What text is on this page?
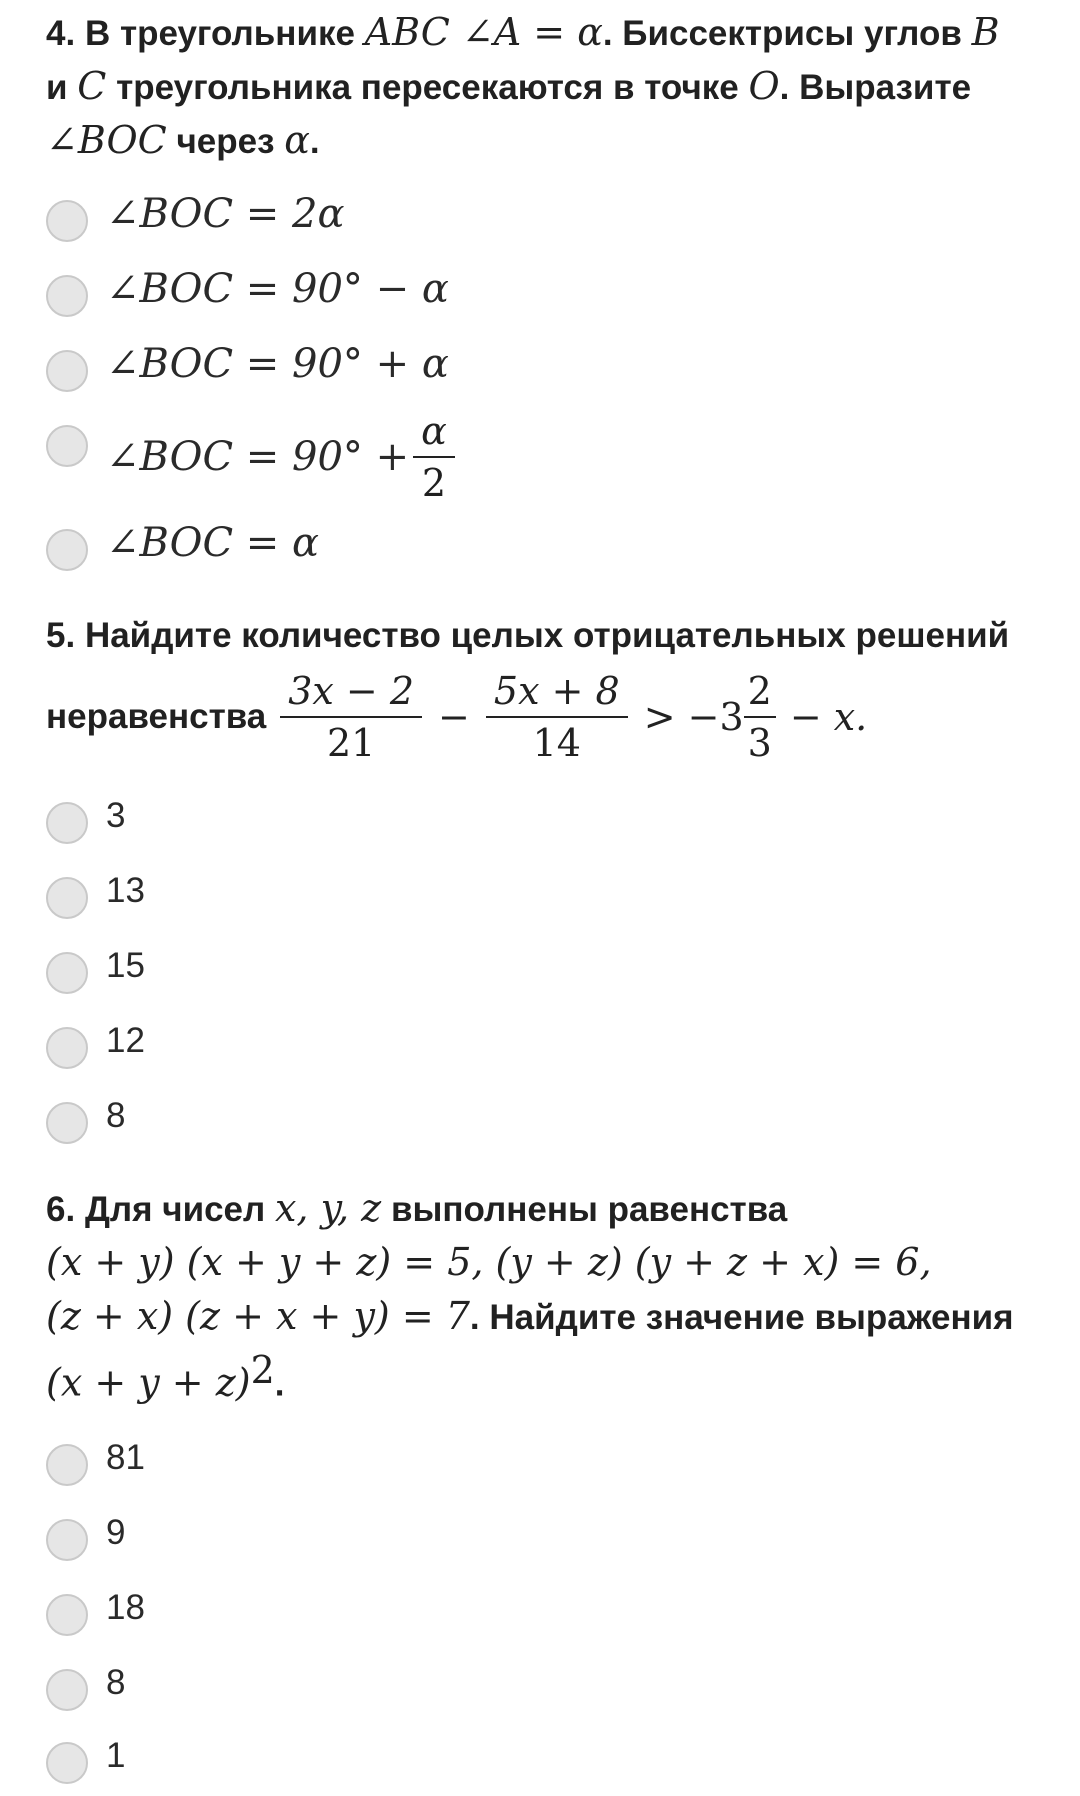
4. В треугольнике ABC ∠A = α. Биссектрисы углов B
и C треугольника пересекаются в точке O. Выразите
∠BOC через α.
∠BOC = 2α
∠BOC = 90° − α
∠BOC = 90° + α
∠BOC = $90^\circ + \frac{\alpha}{2}$
∠BOC = α
5. Найдите количество целых отрицательных решений
неравенства $\frac{3x - 2}{21} - \frac{5x + 8}{14} > -3 \frac{2}{3} - x$.
3
13
15
12
8
6. Для чисел x, y, z выполнены равенства
(x + y) (x + y + z) = 5, (y + z) (y + z + x) = 6,
(z + x) (z + x + y) = 7. Найдите значение выражения
$(x + y + z)^2$.
81
9
18
8
1
